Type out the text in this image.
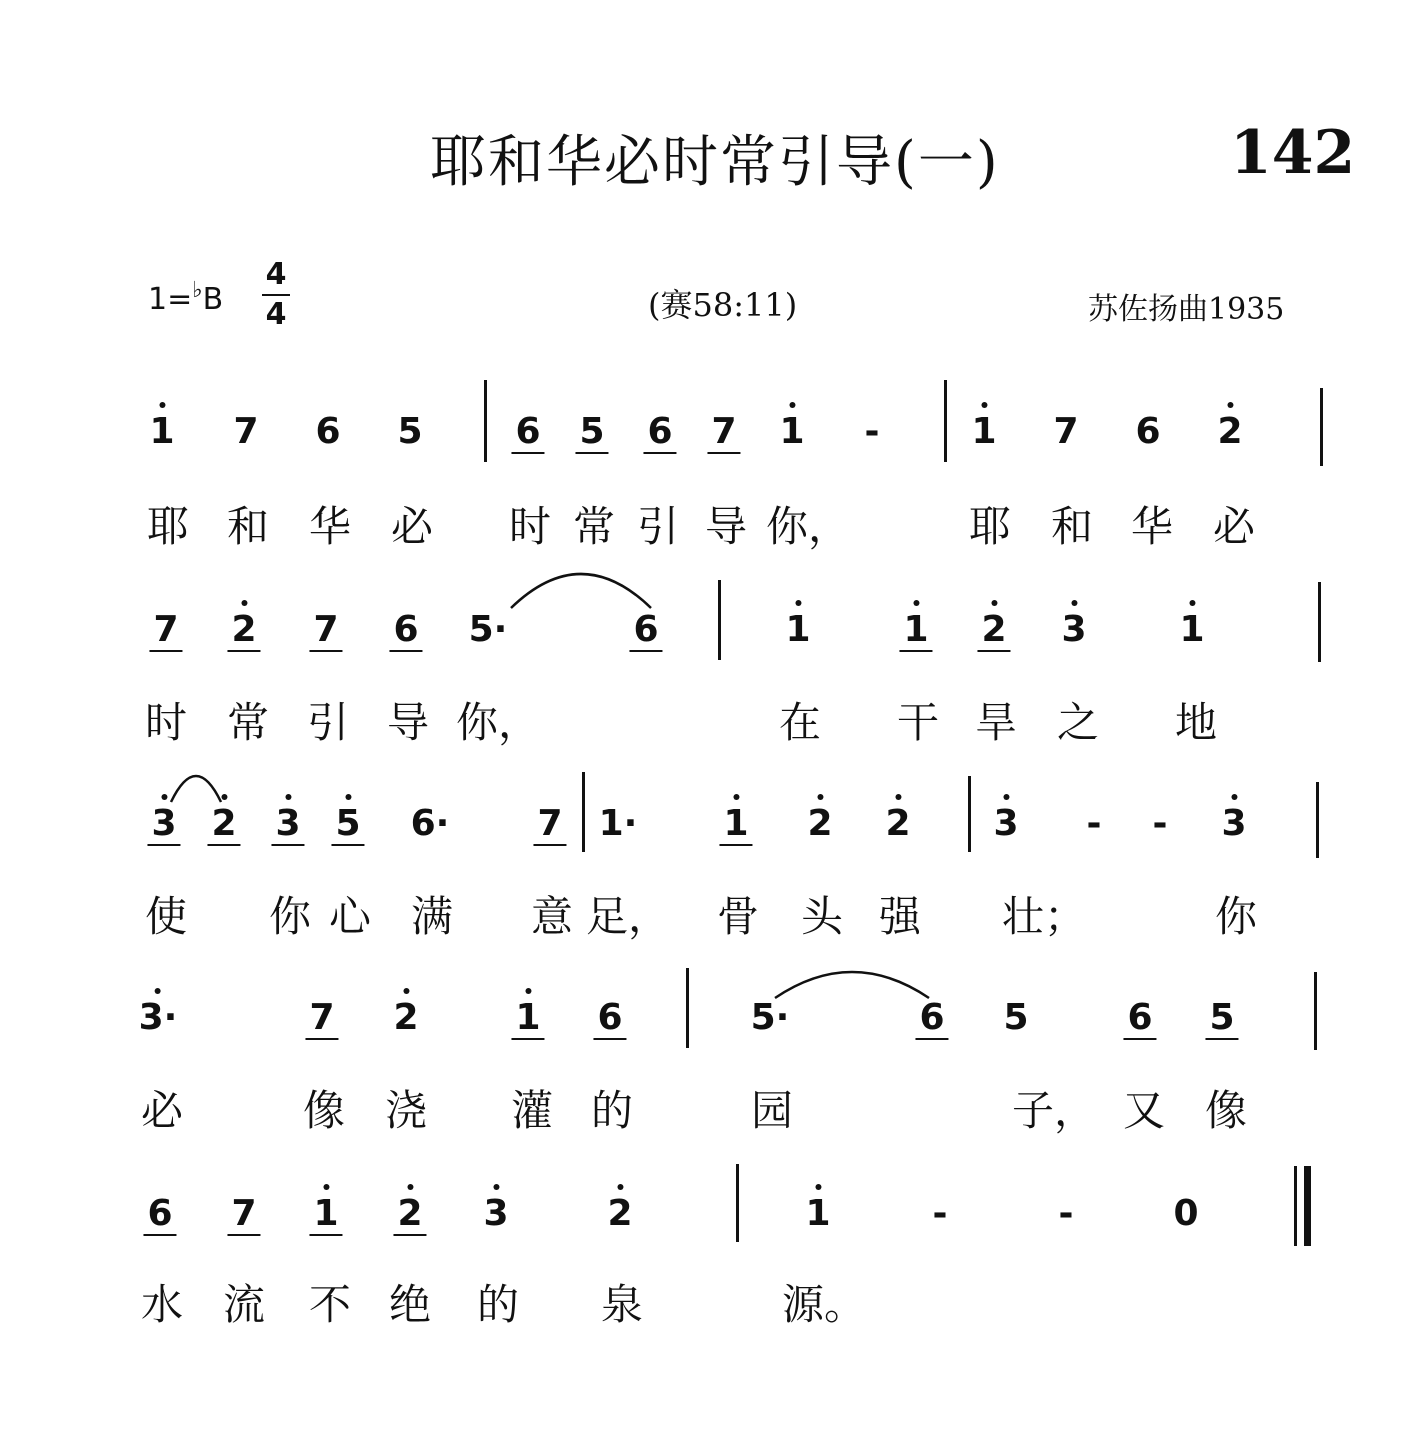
耶和华必时常引导(一)	142
1=♭B
4
4	(赛58:11)	苏佐扬曲1935
1 7 6 5	6 5 6 7 1 -	1 7 6 2
7 2 7 6 5·	6	1	1 2 3	1
3 2 3 5 6· 7 1· 1 2 2 3 - - 3
3·	7 2	1 6	5·	6 5	6 5
6 7 1 2 3	2	1	-	-	0
耶 和 华 必 时 常 引 导 你，	耶 和 华 必
时 常 引 导 你，	在 干 旱 之 地
使 你 心 满 意 足， 骨 头 强 壮；	你
必	像 浇 灌 的	园	子， 又 像
水 流 不 绝 的 泉	源。
